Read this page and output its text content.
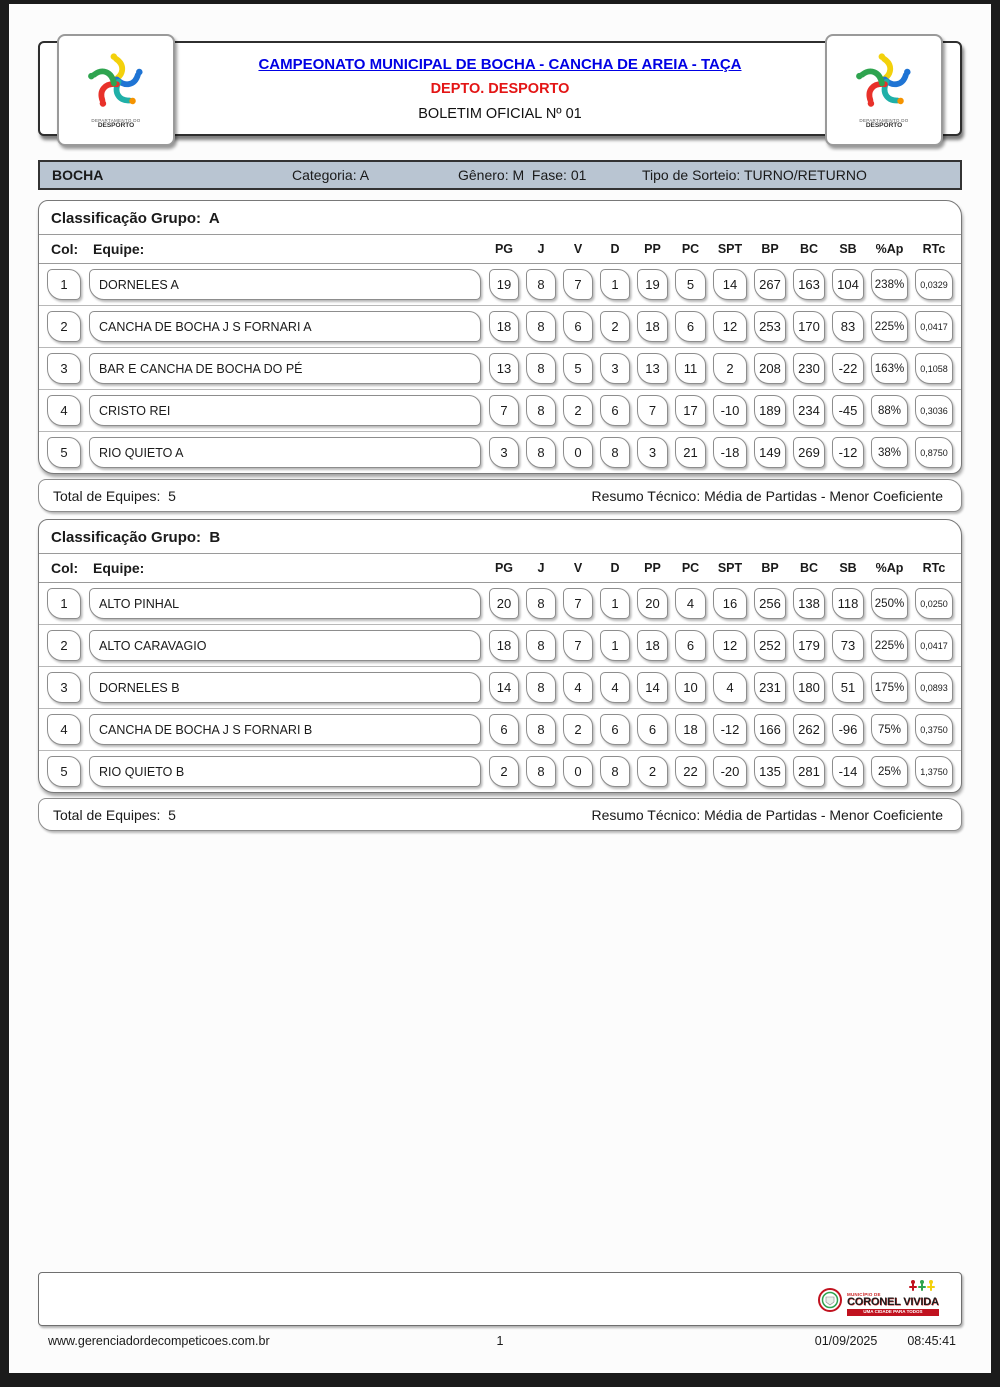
CAMPEONATO MUNICIPAL DE BOCHA - CANCHA DE AREIA - TAÇA
DEPTO. DESPORTO
BOLETIM OFICIAL Nº 01
DEPARTAMENTO DO
DESPORTO
DEPARTAMENTO DO
DESPORTO
BOCHA	Categoria: A	Gênero: M  Fase: 01	Tipo de Sorteio: TURNO/RETURNO
Classificação Grupo:  A
Col: Equipe:	PG	J	V	D	PP	PC	SPT	BP	BC	SB	%Ap	RTc
1	DORNELES A	19	8	7	1	19	5	14	267	163	104	238%	0,0329
2	CANCHA DE BOCHA J S FORNARI A	18	8	6	2	18	6	12	253	170	83	225%	0,0417
3	BAR E CANCHA DE BOCHA DO PÉ	13	8	5	3	13	11	2	208	230	-22	163%	0,1058
4	CRISTO REI	7	8	2	6	7	17	-10	189	234	-45	88%	0,3036
5	RIO QUIETO A	3	8	0	8	3	21	-18	149	269	-12	38%	0,8750
Total de Equipes:  5	Resumo Técnico: Média de Partidas - Menor Coeficiente
Classificação Grupo:  B
Col: Equipe:	PG	J	V	D	PP	PC	SPT	BP	BC	SB	%Ap	RTc
1	ALTO PINHAL	20	8	7	1	20	4	16	256	138	118	250%	0,0250
2	ALTO CARAVAGIO	18	8	7	1	18	6	12	252	179	73	225%	0,0417
3	DORNELES B	14	8	4	4	14	10	4	231	180	51	175%	0,0893
4	CANCHA DE BOCHA J S FORNARI B	6	8	2	6	6	18	-12	166	262	-96	75%	0,3750
5	RIO QUIETO B	2	8	0	8	2	22	-20	135	281	-14	25%	1,3750
Total de Equipes:  5	Resumo Técnico: Média de Partidas - Menor Coeficiente
MUNICÍPIO DE
CORONEL VIVIDA
UMA CIDADE PARA TODOS
www.gerenciadordecompeticoes.com.br	1	01/09/2025 08:45:41
